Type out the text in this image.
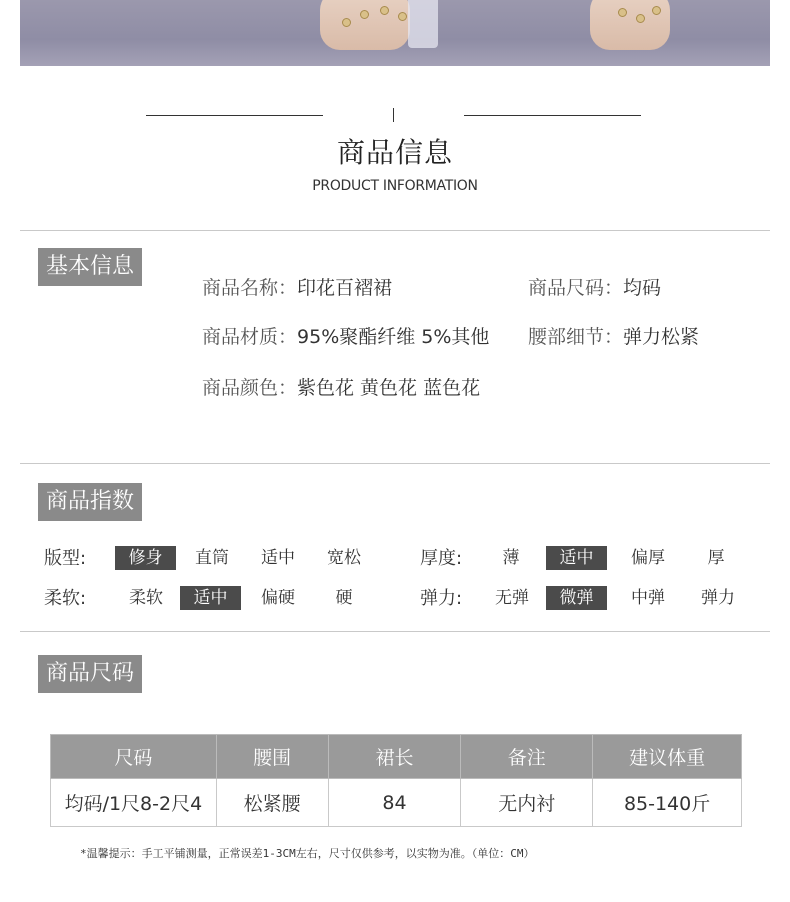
商品信息
PRODUCT INFORMATION
基本信息
商品名称：印花百褶裙	商品尺码：均码
商品材质：95%聚酯纤维 5%其他 腰部细节：弹力松紧
商品颜色：紫色花 黄色花 蓝色花
商品指数
版型:	修身	直筒	适中	宽松	厚度:	薄	适中	偏厚	厚
柔软:	柔软	适中	偏硬	硬	弹力:	无弹	微弹	中弹	弹力
商品尺码
尺码	腰围	裙长	备注	建议体重
均码/1尺8-2尺4	松紧腰	84	无内衬	85-140斤
*温馨提示：手工平铺测量，正常误差1-3CM左右，尺寸仅供参考，以实物为准。（单位：CM）
